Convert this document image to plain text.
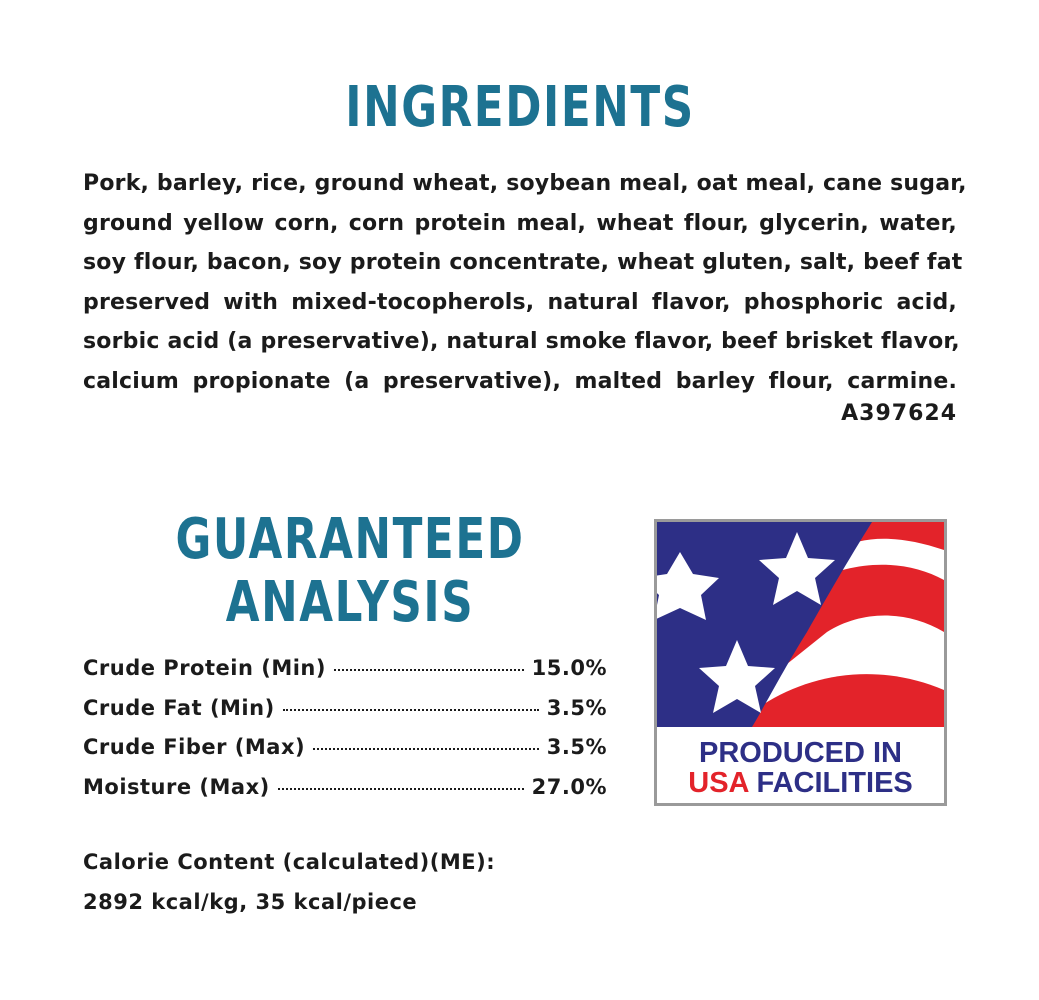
INGREDIENTS
Pork, barley, rice, ground wheat, soybean meal, oat meal, cane sugar,
ground yellow corn, corn protein meal, wheat flour, glycerin, water,
soy flour, bacon, soy protein concentrate, wheat gluten, salt, beef fat
preserved with mixed-tocopherols, natural flavor, phosphoric acid,
sorbic acid (a preservative), natural smoke flavor, beef brisket flavor,
calcium propionate (a preservative), malted barley flour, carmine.
A397624
GUARANTEED
ANALYSIS
Crude Protein (Min)	15.0%
Crude Fat (Min)	3.5%
Crude Fiber (Max)	3.5%
Moisture (Max)	27.0%
Calorie Content (calculated)(ME):
2892 kcal/kg, 35 kcal/piece
PRODUCED IN
USA FACILITIES
